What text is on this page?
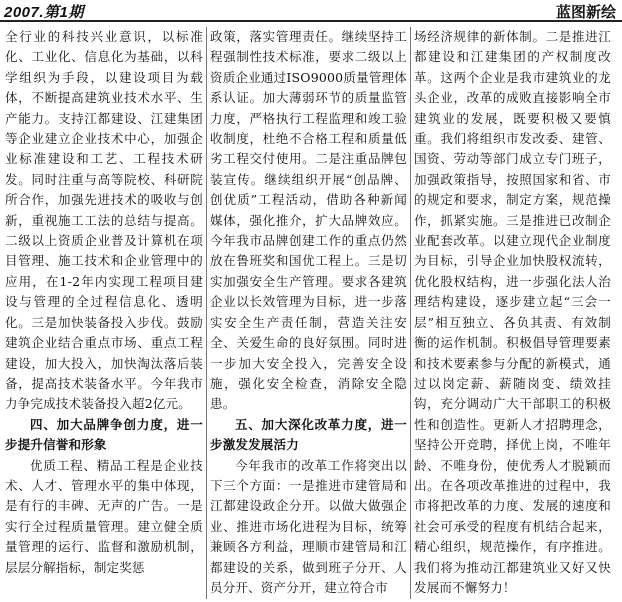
2007.第1期	蓝图新绘

全行业的科技兴业意识，以标准化、工业化、信息化为基础，以科学组织为手段，以建设项目为载体，不断提高建筑业技术水平、生产能力。支持江都建设、江建集团等企业建立企业技术中心，加强企业标准建设和工艺、工程技术研发。同时注重与高等院校、科研院所合作，加强先进技术的吸收与创新，重视施工工法的总结与提高。二级以上资质企业普及计算机在项目管理、施工技术和企业管理中的应用，在1-2年内实现工程项目建设与管理的全过程信息化、透明化。三是加快装备投入步伐。鼓励建筑企业结合重点市场、重点工程建设，加大投入，加快淘汰落后装备，提高技术装备水平。今年我市力争完成技术装备投入超2亿元。

四、加大品牌争创力度，进一步提升信誉和形象

优质工程、精品工程是企业技术、人才、管理水平的集中体现，是有行的丰碑、无声的广告。一是实行全过程质量管理。建立健全质量管理的运行、监督和激励机制，层层分解指标，制定奖惩

政策，落实管理责任。继续坚持工程强制性技术标准，要求二级以上资质企业通过ISO9000质量管理体系认证。加大薄弱环节的质量监管力度，严格执行工程监理和竣工验收制度，杜绝不合格工程和质量低劣工程交付使用。二是注重品牌包装宣传。继续组织开展“创品牌、创优质”工程活动，借助各种新闻媒体，强化推介，扩大品牌效应。今年我市品牌创建工作的重点仍然放在鲁班奖和国优工程上。三是切实加强安全生产管理。要求各建筑企业以长效管理为目标，进一步落实安全生产责任制，营造关注安全、关爱生命的良好氛围。同时进一步加大安全投入，完善安全设施，强化安全检查，消除安全隐患。

五、加大深化改革力度，进一步激发发展活力

今年我市的改革工作将突出以下三个方面：一是推进市建管局和江都建设政企分开。以做大做强企业、推进市场化进程为目标，统筹兼顾各方利益，理顺市建管局和江都建设的关系，做到班子分开、人员分开、资产分开，建立符合市

场经济规律的新体制。二是推进江都建设和江建集团的产权制度改革。这两个企业是我市建筑业的龙头企业，改革的成败直接影响全市建筑业的发展，既要积极又要慎重。我们将组织市发改委、建管、国资、劳动等部门成立专门班子，加强政策指导，按照国家和省、市的规定和要求，制定方案，规范操作，抓紧实施。三是推进已改制企业配套改革。以建立现代企业制度为目标，引导企业加快股权流转，优化股权结构，进一步强化法人治理结构建设，逐步建立起“三会一层”相互独立、各负其责、有效制衡的运作机制。积极倡导管理要素和技术要素参与分配的新模式，通过以岗定薪、薪随岗变、绩效挂钩，充分调动广大干部职工的积极性和创造性。更新人才招聘理念，坚持公开竞聘，择优上岗，不唯年龄、不唯身份，使优秀人才脱颖而出。在各项改革推进的过程中，我市将把改革的力度、发展的速度和社会可承受的程度有机结合起来，精心组织，规范操作，有序推进。我们将为推动江都建筑业又好又快发展而不懈努力！
